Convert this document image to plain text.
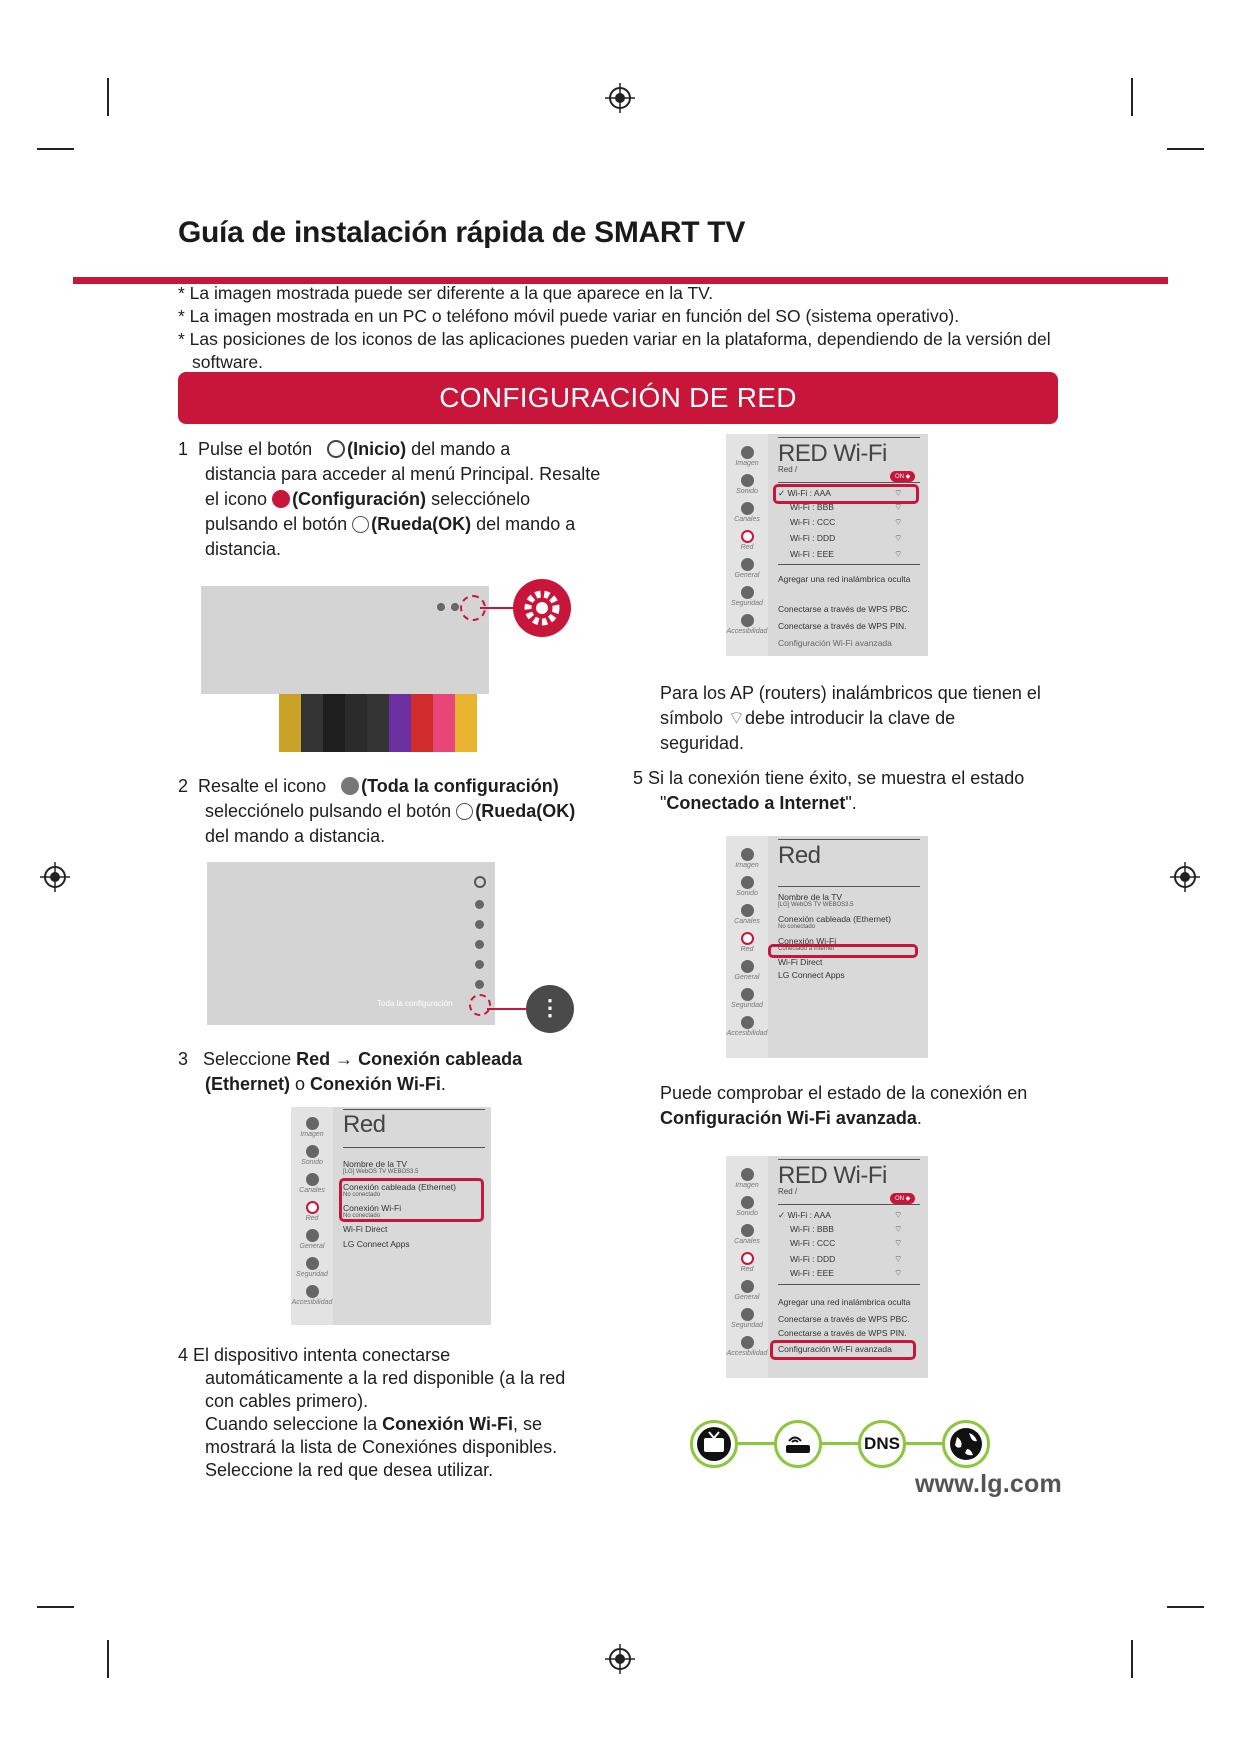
Guía de instalación rápida de SMART TV
* La imagen mostrada puede ser diferente a la que aparece en la TV.
* La imagen mostrada en un PC o teléfono móvil puede variar en función del SO (sistema operativo).
* Las posiciones de los iconos de las aplicaciones pueden variar en la plataforma, dependiendo de la versión del software.
CONFIGURACIÓN DE RED
1 Pulse el botón (Inicio) del mando a
distancia para acceder al menú Principal. Resalte
el icono (Configuración) selecciónelo
pulsando el botón (Rueda(OK) del mando a
distancia.
2 Resalte el icono (Toda la configuración)
selecciónelo pulsando el botón (Rueda(OK)
del mando a distancia.
Toda la configuración	⋮
3 Seleccione Red → Conexión cableada
(Ethernet) o Conexión Wi-Fi.
Imagen
Sonido
Canales
Red
General
Seguridad
Accesibilidad
Red
Nombre de la TV
[LG] WebOS TV WEBOS3.5
Conexión cableada (Ethernet)
No conectado
Conexión Wi-Fi
No conectado
Wi-Fi Direct
LG Connect Apps
4 El dispositivo intenta conectarse
automáticamente a la red disponible (a la red
con cables primero).
Cuando seleccione la Conexión Wi-Fi, se
mostrará la lista de Conexiónes disponibles.
Seleccione la red que desea utilizar.
Imagen
Sonido
Canales
Red
General
Seguridad
Accesibilidad
RED Wi-Fi
Red /
ON ◆
✓ Wi-Fi : AAA
Wi-Fi : BBB
Wi-Fi : CCC
Wi-Fi : DDD
Wi-Fi : EEE
⌔
⌔
⌔
⌔
⌔
Agregar una red inalámbrica oculta
Conectarse a través de WPS PBC.
Conectarse a través de WPS PIN.
Configuración Wi-Fi avanzada
Para los AP (routers) inalámbricos que tienen el
símbolo ⌔debe introducir la clave de
seguridad.
5 Si la conexión tiene éxito, se muestra el estado
"Conectado a Internet".
Imagen
Sonido
Canales
Red
General
Seguridad
Accesibilidad
Red
Nombre de la TV
[LG] WebOS TV WEBOS3.5
Conexión cableada (Ethernet)
No conectado
Conexión Wi-Fi
Conectado a Internet
Wi-Fi Direct
LG Connect Apps
Puede comprobar el estado de la conexión en
Configuración Wi-Fi avanzada.
Imagen
Sonido
Canales
Red
General
Seguridad
Accesibilidad
RED Wi-Fi
Red /
ON ◆
✓ Wi-Fi : AAA
Wi-Fi : BBB
Wi-Fi : CCC
Wi-Fi : DDD
Wi-Fi : EEE
⌔
⌔
⌔
⌔
⌔
Agregar una red inalámbrica oculta
Conectarse a través de WPS PBC.
Conectarse a través de WPS PIN.
Configuración Wi-Fi avanzada
DNS
www.lg.com
